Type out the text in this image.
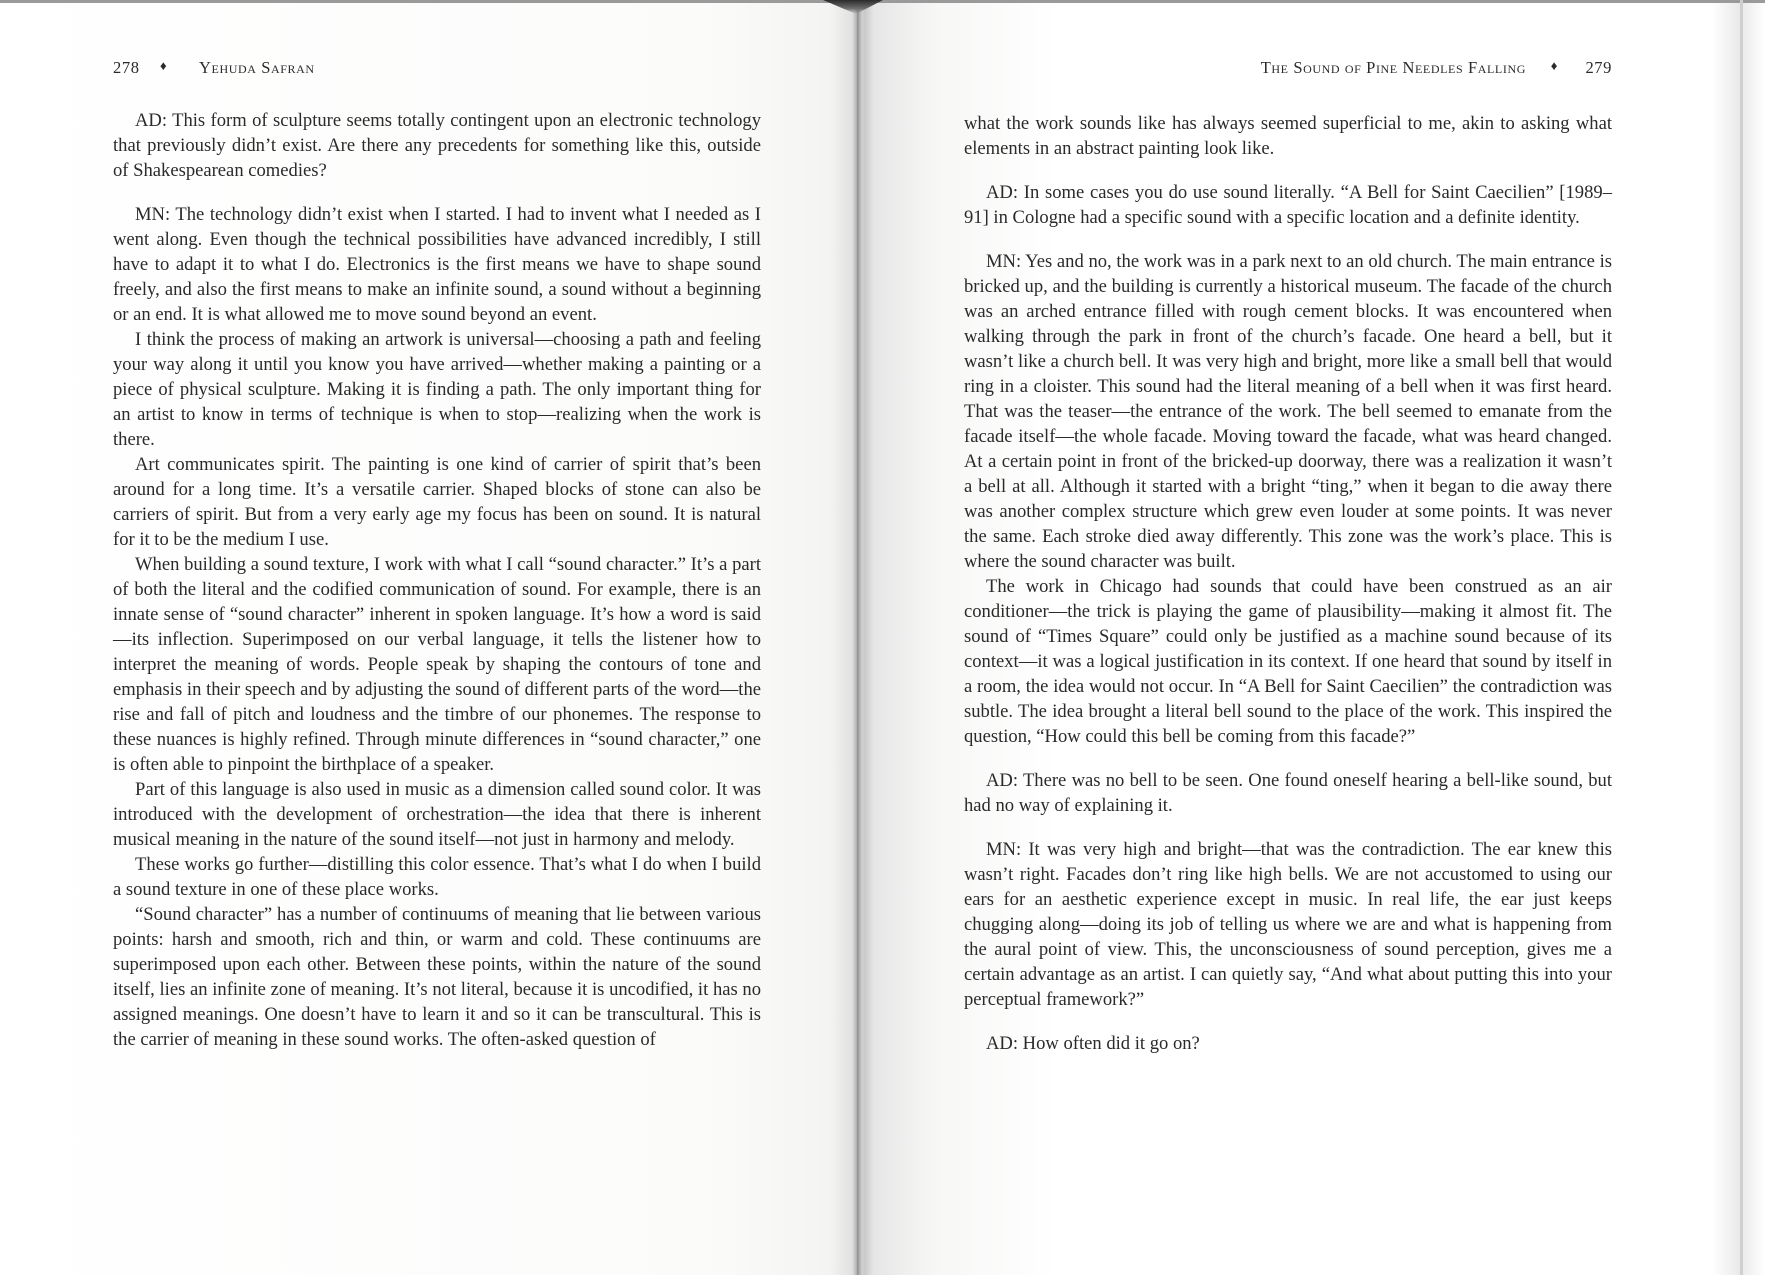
278 ♦ Yehuda Safran

AD: This form of sculpture seems totally contingent upon an electronic technology that previously didn’t exist. Are there any precedents for something like this, outside of Shakespearean comedies?

MN: The technology didn’t exist when I started. I had to invent what I needed as I went along. Even though the technical possibilities have advanced incredibly, I still have to adapt it to what I do. Electronics is the first means we have to shape sound freely, and also the first means to make an infinite sound, a sound without a beginning or an end. It is what allowed me to move sound beyond an event.

I think the process of making an artwork is universal—choosing a path and feeling your way along it until you know you have arrived—whether making a painting or a piece of physical sculpture. Making it is finding a path. The only important thing for an artist to know in terms of technique is when to stop—realizing when the work is there.

Art communicates spirit. The painting is one kind of carrier of spirit that’s been around for a long time. It’s a versatile carrier. Shaped blocks of stone can also be carriers of spirit. But from a very early age my focus has been on sound. It is natural for it to be the medium I use.

When building a sound texture, I work with what I call “sound character.” It’s a part of both the literal and the codified communication of sound. For example, there is an innate sense of “sound character” inherent in spoken language. It’s how a word is said—its inflection. Superimposed on our verbal language, it tells the listener how to interpret the meaning of words. People speak by shaping the contours of tone and emphasis in their speech and by adjusting the sound of different parts of the word—the rise and fall of pitch and loudness and the timbre of our phonemes. The response to these nuances is highly refined. Through minute differences in “sound character,” one is often able to pinpoint the birthplace of a speaker.

Part of this language is also used in music as a dimension called sound color. It was introduced with the development of orchestration—the idea that there is inherent musical meaning in the nature of the sound itself—not just in harmony and melody.

These works go further—distilling this color essence. That’s what I do when I build a sound texture in one of these place works.

“Sound character” has a number of continuums of meaning that lie between various points: harsh and smooth, rich and thin, or warm and cold. These continuums are superimposed upon each other. Between these points, within the nature of the sound itself, lies an infinite zone of meaning. It’s not literal, because it is uncodified, it has no assigned meanings. One doesn’t have to learn it and so it can be transcultural. This is the carrier of meaning in these sound works. The often-asked question of

The Sound of Pine Needles Falling ♦ 279

what the work sounds like has always seemed superficial to me, akin to asking what elements in an abstract painting look like.

AD: In some cases you do use sound literally. “A Bell for Saint Caecilien” [1989–91] in Cologne had a specific sound with a specific location and a definite identity.

MN: Yes and no, the work was in a park next to an old church. The main entrance is bricked up, and the building is currently a historical museum. The facade of the church was an arched entrance filled with rough cement blocks. It was encountered when walking through the park in front of the church’s facade. One heard a bell, but it wasn’t like a church bell. It was very high and bright, more like a small bell that would ring in a cloister. This sound had the literal meaning of a bell when it was first heard. That was the teaser—the entrance of the work. The bell seemed to emanate from the facade itself—the whole facade. Moving toward the facade, what was heard changed. At a certain point in front of the bricked-up doorway, there was a realization it wasn’t a bell at all. Although it started with a bright “ting,” when it began to die away there was another complex structure which grew even louder at some points. It was never the same. Each stroke died away differently. This zone was the work’s place. This is where the sound character was built.

The work in Chicago had sounds that could have been construed as an air conditioner—the trick is playing the game of plausibility—making it almost fit. The sound of “Times Square” could only be justified as a machine sound because of its context—it was a logical justification in its context. If one heard that sound by itself in a room, the idea would not occur. In “A Bell for Saint Caecilien” the contradiction was subtle. The idea brought a literal bell sound to the place of the work. This inspired the question, “How could this bell be coming from this facade?”

AD: There was no bell to be seen. One found oneself hearing a bell-like sound, but had no way of explaining it.

MN: It was very high and bright—that was the contradiction. The ear knew this wasn’t right. Facades don’t ring like high bells. We are not accustomed to using our ears for an aesthetic experience except in music. In real life, the ear just keeps chugging along—doing its job of telling us where we are and what is happening from the aural point of view. This, the unconsciousness of sound perception, gives me a certain advantage as an artist. I can quietly say, “And what about putting this into your perceptual framework?”

AD: How often did it go on?
